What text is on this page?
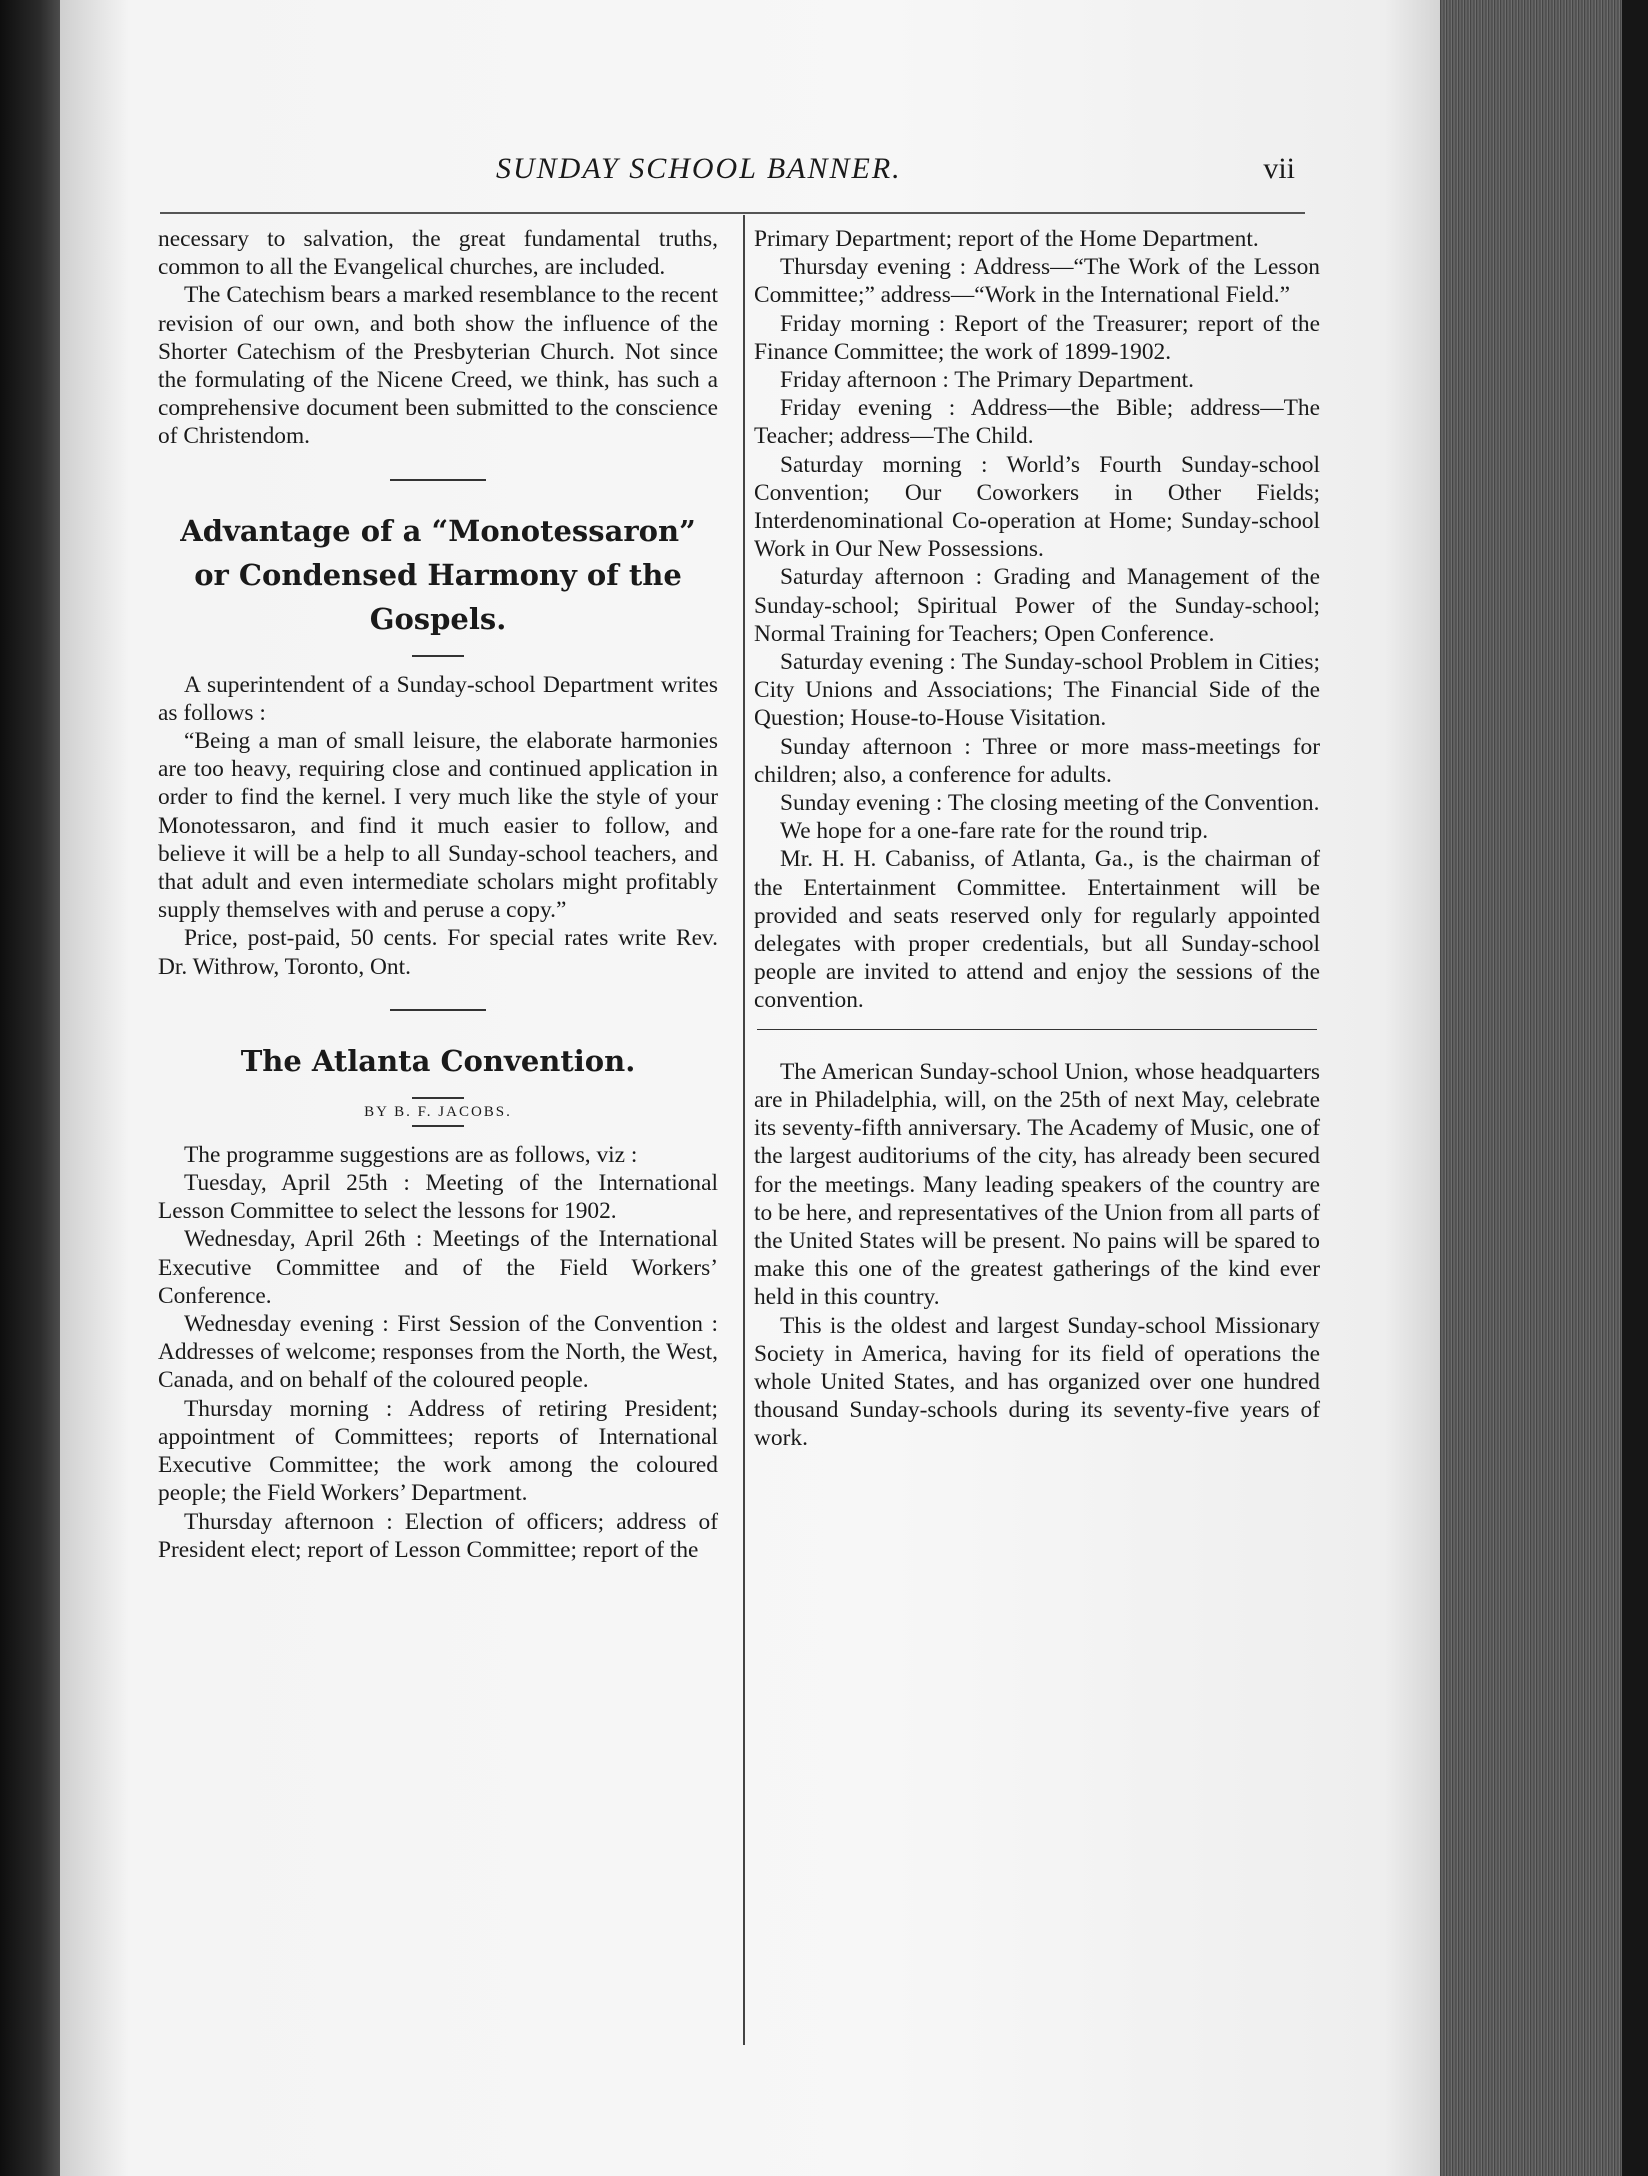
SUNDAY SCHOOL BANNER.	vii

necessary to salvation, the great fundamental truths, common to all the Evangelical churches, are included.

The Catechism bears a marked resemblance to the recent revision of our own, and both show the influence of the Shorter Catechism of the Presbyterian Church. Not since the formulating of the Nicene Creed, we think, has such a comprehensive document been submitted to the conscience of Christendom.

Advantage of a “Monotessaron” or Condensed Harmony of the Gospels.

A superintendent of a Sunday-school Department writes as follows :

“Being a man of small leisure, the elaborate harmonies are too heavy, requiring close and continued application in order to find the kernel. I very much like the style of your Monotessaron, and find it much easier to follow, and believe it will be a help to all Sunday-school teachers, and that adult and even intermediate scholars might profitably supply themselves with and peruse a copy.”

Price, post-paid, 50 cents. For special rates write Rev. Dr. Withrow, Toronto, Ont.

The Atlanta Convention.
BY B. F. JACOBS.

The programme suggestions are as follows, viz :

Tuesday, April 25th : Meeting of the International Lesson Committee to select the lessons for 1902.

Wednesday, April 26th : Meetings of the International Executive Committee and of the Field Workers’ Conference.

Wednesday evening : First Session of the Convention : Addresses of welcome; responses from the North, the West, Canada, and on behalf of the coloured people.

Thursday morning : Address of retiring President; appointment of Committees; reports of International Executive Committee; the work among the coloured people; the Field Workers’ Department.

Thursday afternoon : Election of officers; address of President elect; report of Lesson Committee; report of the

Primary Department; report of the Home Department.

Thursday evening : Address—“The Work of the Lesson Committee;” address—“Work in the International Field.”

Friday morning : Report of the Treasurer; report of the Finance Committee; the work of 1899-1902.

Friday afternoon : The Primary Department.

Friday evening : Address—the Bible; address—The Teacher; address—The Child.

Saturday morning : World’s Fourth Sunday-school Convention; Our Coworkers in Other Fields; Interdenominational Co-operation at Home; Sunday-school Work in Our New Possessions.

Saturday afternoon : Grading and Management of the Sunday-school; Spiritual Power of the Sunday-school; Normal Training for Teachers; Open Conference.

Saturday evening : The Sunday-school Problem in Cities; City Unions and Associations; The Financial Side of the Question; House-to-House Visitation.

Sunday afternoon : Three or more mass-meetings for children; also, a conference for adults.

Sunday evening : The closing meeting of the Convention.

We hope for a one-fare rate for the round trip.

Mr. H. H. Cabaniss, of Atlanta, Ga., is the chairman of the Entertainment Committee. Entertainment will be provided and seats reserved only for regularly appointed delegates with proper credentials, but all Sunday-school people are invited to attend and enjoy the sessions of the convention.

The American Sunday-school Union, whose headquarters are in Philadelphia, will, on the 25th of next May, celebrate its seventy-fifth anniversary. The Academy of Music, one of the largest auditoriums of the city, has already been secured for the meetings. Many leading speakers of the country are to be here, and representatives of the Union from all parts of the United States will be present. No pains will be spared to make this one of the greatest gatherings of the kind ever held in this country.

This is the oldest and largest Sunday-school Missionary Society in America, having for its field of operations the whole United States, and has organized over one hundred thousand Sunday-schools during its seventy-five years of work.
